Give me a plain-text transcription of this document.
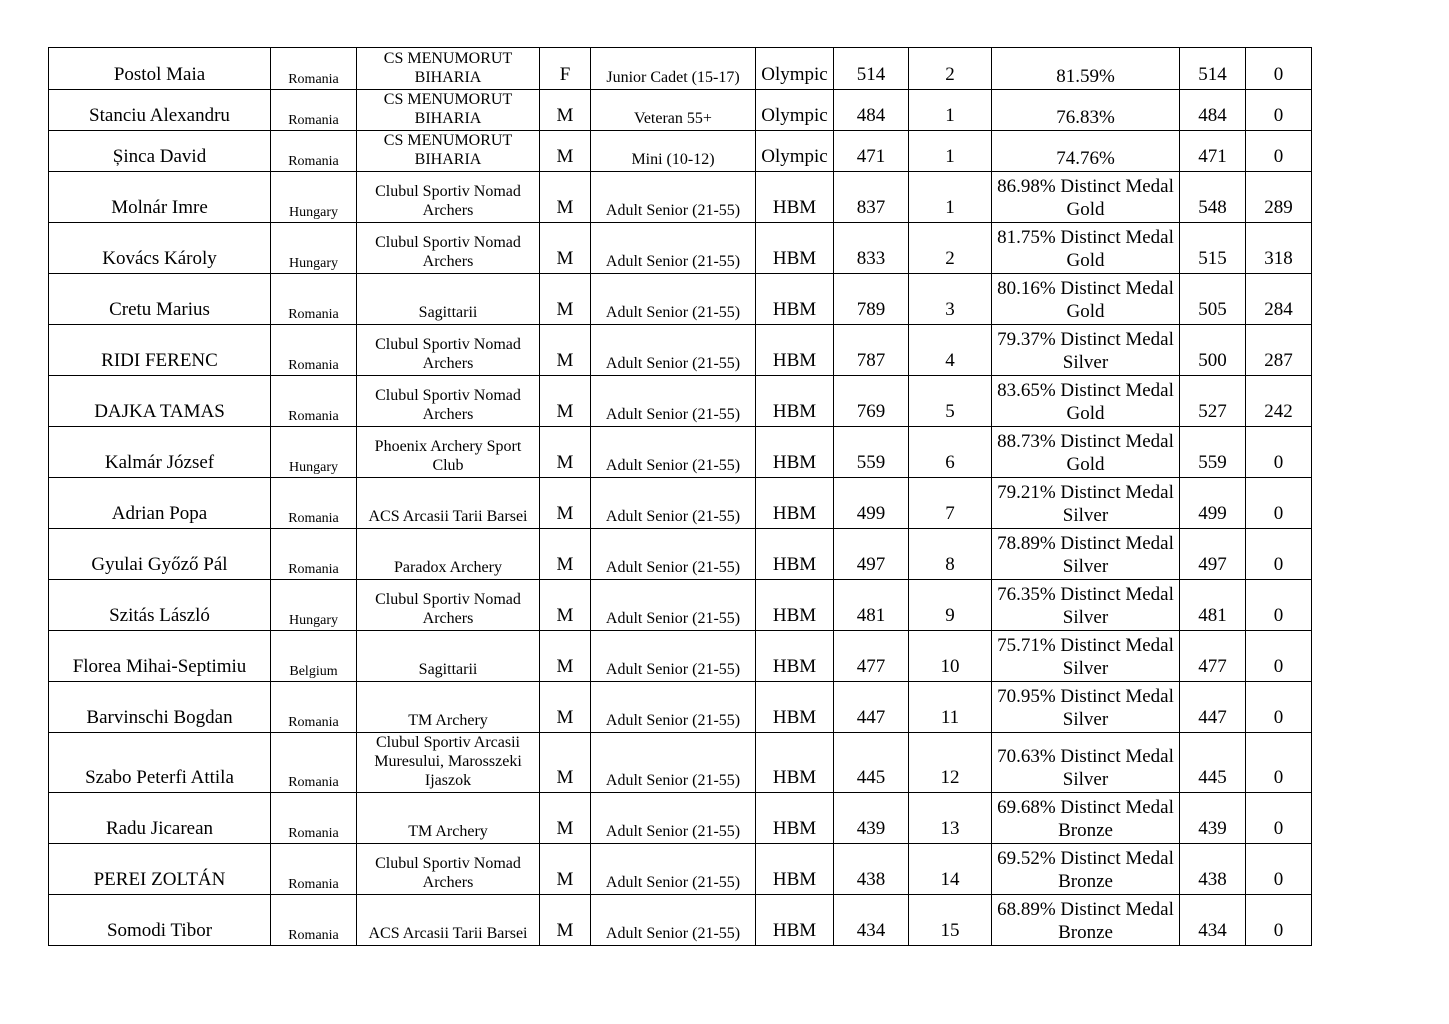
Postol Maia	Romania	CS MENUMORUT BIHARIA	F	Junior Cadet (15-17)	Olympic	514	2	81.59%	514	0
Stanciu Alexandru	Romania	CS MENUMORUT BIHARIA	M	Veteran 55+	Olympic	484	1	76.83%	484	0
Șinca David	Romania	CS MENUMORUT BIHARIA	M	Mini (10-12)	Olympic	471	1	74.76%	471	0
Molnár Imre	Hungary	Clubul Sportiv Nomad Archers	M	Adult Senior (21-55)	HBM	837	1	86.98% Distinct Medal Gold	548	289
Kovács Károly	Hungary	Clubul Sportiv Nomad Archers	M	Adult Senior (21-55)	HBM	833	2	81.75% Distinct Medal Gold	515	318
Cretu Marius	Romania	Sagittarii	M	Adult Senior (21-55)	HBM	789	3	80.16% Distinct Medal Gold	505	284
RIDI FERENC	Romania	Clubul Sportiv Nomad Archers	M	Adult Senior (21-55)	HBM	787	4	79.37% Distinct Medal Silver	500	287
DAJKA TAMAS	Romania	Clubul Sportiv Nomad Archers	M	Adult Senior (21-55)	HBM	769	5	83.65% Distinct Medal Gold	527	242
Kalmár József	Hungary	Phoenix Archery Sport Club	M	Adult Senior (21-55)	HBM	559	6	88.73% Distinct Medal Gold	559	0
Adrian Popa	Romania	ACS Arcasii Tarii Barsei	M	Adult Senior (21-55)	HBM	499	7	79.21% Distinct Medal Silver	499	0
Gyulai Győző Pál	Romania	Paradox Archery	M	Adult Senior (21-55)	HBM	497	8	78.89% Distinct Medal Silver	497	0
Szitás László	Hungary	Clubul Sportiv Nomad Archers	M	Adult Senior (21-55)	HBM	481	9	76.35% Distinct Medal Silver	481	0
Florea Mihai-Septimiu	Belgium	Sagittarii	M	Adult Senior (21-55)	HBM	477	10	75.71% Distinct Medal Silver	477	0
Barvinschi Bogdan	Romania	TM Archery	M	Adult Senior (21-55)	HBM	447	11	70.95% Distinct Medal Silver	447	0
Szabo Peterfi Attila	Romania	Clubul Sportiv Arcasii Muresului, Marosszeki Ijaszok	M	Adult Senior (21-55)	HBM	445	12	70.63% Distinct Medal Silver	445	0
Radu Jicarean	Romania	TM Archery	M	Adult Senior (21-55)	HBM	439	13	69.68% Distinct Medal Bronze	439	0
PEREI ZOLTÁN	Romania	Clubul Sportiv Nomad Archers	M	Adult Senior (21-55)	HBM	438	14	69.52% Distinct Medal Bronze	438	0
Somodi Tibor	Romania	ACS Arcasii Tarii Barsei	M	Adult Senior (21-55)	HBM	434	15	68.89% Distinct Medal Bronze	434	0
